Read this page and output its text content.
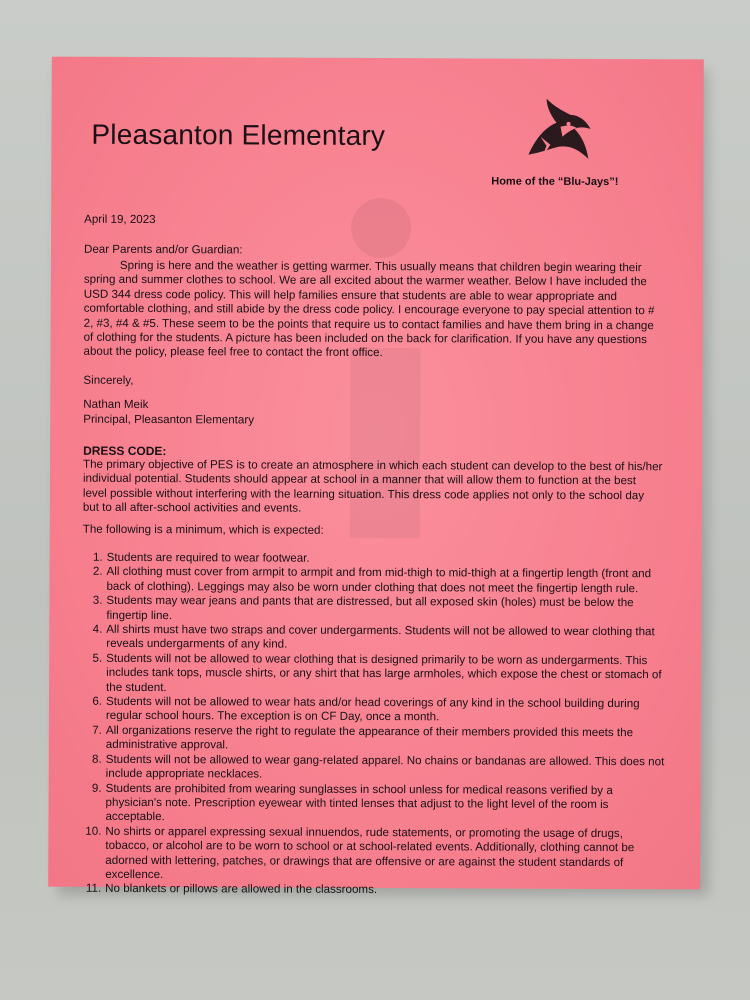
Pleasanton Elementary
Home of the “Blu-Jays”!
April 19, 2023
Dear Parents and/or Guardian:

Spring is here and the weather is getting warmer. This usually means that children begin wearing their spring and summer clothes to school. We are all excited about the warmer weather. Below I have included the USD 344 dress code policy. This will help families ensure that students are able to wear appropriate and comfortable clothing, and still abide by the dress code policy. I encourage everyone to pay special attention to # 2, #3, #4 & #5. These seem to be the points that require us to contact families and have them bring in a change of clothing for the students. A picture has been included on the back for clarification. If you have any questions about the policy, please feel free to contact the front office.

Sincerely,
Nathan Meik
Principal, Pleasanton Elementary
DRESS CODE:

The primary objective of PES is to create an atmosphere in which each student can develop to the best of his/her individual potential. Students should appear at school in a manner that will allow them to function at the best level possible without interfering with the learning situation. This dress code applies not only to the school day but to all after-school activities and events.

The following is a minimum, which is expected:
1. Students are required to wear footwear.
2. All clothing must cover from armpit to armpit and from mid-thigh to mid-thigh at a fingertip length (front and back of clothing). Leggings may also be worn under clothing that does not meet the fingertip length rule.
3. Students may wear jeans and pants that are distressed, but all exposed skin (holes) must be below the fingertip line.
4. All shirts must have two straps and cover undergarments. Students will not be allowed to wear clothing that reveals undergarments of any kind.
5. Students will not be allowed to wear clothing that is designed primarily to be worn as undergarments. This includes tank tops, muscle shirts, or any shirt that has large armholes, which expose the chest or stomach of the student.
6. Students will not be allowed to wear hats and/or head coverings of any kind in the school building during regular school hours. The exception is on CF Day, once a month.
7. All organizations reserve the right to regulate the appearance of their members provided this meets the administrative approval.
8. Students will not be allowed to wear gang-related apparel. No chains or bandanas are allowed. This does not include appropriate necklaces.
9. Students are prohibited from wearing sunglasses in school unless for medical reasons verified by a physician's note. Prescription eyewear with tinted lenses that adjust to the light level of the room is acceptable.
10. No shirts or apparel expressing sexual innuendos, rude statements, or promoting the usage of drugs, tobacco, or alcohol are to be worn to school or at school-related events. Additionally, clothing cannot be adorned with lettering, patches, or drawings that are offensive or are against the student standards of excellence.
11. No blankets or pillows are allowed in the classrooms.
